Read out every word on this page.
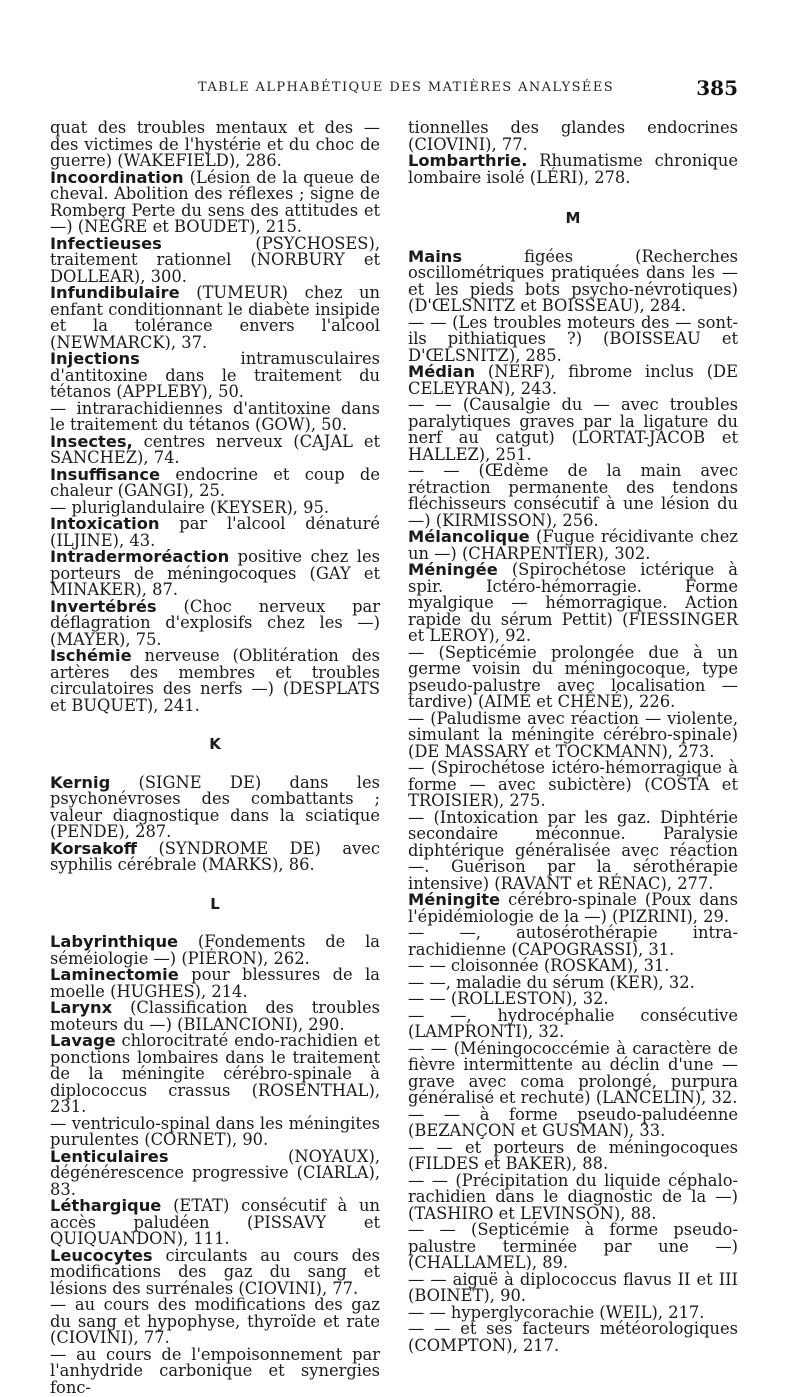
TABLE ALPHABÉTIQUE DES MATIÈRES ANALYSÉES	385

quat des troubles mentaux et des — des victimes de l'hystérie et du choc de guerre) (WAKEFIELD), 286.

Incoordination (Lésion de la queue de cheval. Abolition des réflexes ; signe de Romberg Perte du sens des attitudes et —) (NÈGRE et BOUDET), 215.

Infectieuses	(PSYCHOSES), traitement rationnel (NORBURY et DOLLEAR), 300.

Infundibulaire (TUMEUR) chez un enfant conditionnant le diabète insipide et la tolérance envers l'alcool (NEWMARCK), 37.

Injections	intramusculaires d'antitoxine dans le traitement du tétanos (APPLEBY), 50.

— intrarachidiennes d'antitoxine dans le traitement du tétanos (GOW), 50.

Insectes, centres nerveux (CAJAL et SANCHEZ), 74.

Insuffisance endocrine et coup de chaleur (GANGI), 25.

— pluriglandulaire (KEYSER), 95.

Intoxication par l'alcool dénaturé (ILJINE), 43.

Intradermoréaction positive chez les porteurs de méningocoques (GAY et MINAKER), 87.

Invertébrés (Choc nerveux par déflagration d'explosifs chez les —) (MAYER), 75.

Ischémie nerveuse (Oblitération des artères des membres et troubles circulatoires des nerfs —) (DESPLATS et BUQUET), 241.

K

Kernig (SIGNE DE) dans les psychonévroses des combattants ; valeur diagnostique dans la sciatique (PENDE), 287.

Korsakoff (SYNDROME DE) avec syphilis cérébrale (MARKS), 86.

L

Labyrinthique (Fondements de la séméiologie —) (PIÉRON), 262.

Laminectomie pour blessures de la moelle (HUGHES), 214.

Larynx (Classification des troubles moteurs du —) (BILANCIONI), 290.

Lavage chlorocitraté endo-rachidien et ponctions lombaires dans le traitement de la méningite cérébro-spinale à diplococcus crassus (ROSENTHAL), 231.

— ventriculo-spinal dans les méningites purulentes (CORNET), 90.

Lenticulaires	(NOYAUX), dégénérescence progressive (CIARLA), 83.

Léthargique (ETAT) consécutif à un accès paludéen (PISSAVY et QUIQUANDON), 111.

Leucocytes circulants au cours des modifications des gaz du sang et lésions des surrénales (CIOVINI), 77.

— au cours des modifications des gaz du sang et hypophyse, thyroïde et rate (CIOVINI), 77.

— au cours de l'empoisonnement par l'anhydride carbonique et synergies fonc-

tionnelles des glandes endocrines (CIOVINI), 77.

Lombarthrie. Rhumatisme chronique lombaire isolé (LÉRI), 278.

M

Mains	figées (Recherches oscillométriques pratiquées dans les — et les pieds bots psycho-névrotiques) (D'ŒLSNITZ et BOISSEAU), 284.

— — (Les troubles moteurs des — sont-ils pithiatiques ?) (BOISSEAU et D'ŒLSNITZ), 285.

Médian (NERF), fibrome inclus (DE CELEYRAN), 243.

— — (Causalgie du — avec troubles paralytiques graves par la ligature du nerf au catgut) (LORTAT-JACOB et HALLEZ), 251.

— — (Œdème de la main avec rétraction permanente des tendons fléchisseurs consécutif à une lésion du —) (KIRMISSON), 256.

Mélancolique (Fugue récidivante chez un —) (CHARPENTIER), 302.

Méningée (Spirochétose ictérique à spir. Ictéro-hémorragie. Forme myalgique — hémorragique. Action rapide du sérum Pettit) (FIESSINGER et LEROY), 92.

— (Septicémie prolongée due à un germe voisin du méningocoque, type pseudo-palustre avec localisation — tardive) (AIMÉ et CHÊNÉ), 226.

— (Paludisme avec réaction — violente, simulant la méningite cérébro-spinale) (DE MASSARY et TOCKMANN), 273.

— (Spirochétose ictéro-hémorragique à forme — avec subictère) (COSTA et TROISIER), 275.

— (Intoxication par les gaz. Diphtérie secondaire méconnue. Paralysie diphtérique généralisée avec réaction —. Guérison par la sérothérapie intensive) (RAVANT et RÉNAC), 277.

Méningite cérébro-spinale (Poux dans l'épidémiologie de la —) (PIZRINI), 29.

— —, autosérothérapie intra-rachidienne (CAPOGRASSI), 31.

— — cloisonnée (ROSKAM), 31.

— —, maladie du sérum (KER), 32.

— — (ROLLESTON), 32.

— —, hydrocéphalie consécutive (LAMPRONTI), 32.

— — (Méningococcémie à caractère de fièvre intermittente au déclin d'une — grave avec coma prolongé, purpura généralisé et rechute) (LANCELIN), 32.

— — à forme pseudo-paludéenne (BEZANÇON et GUSMAN), 33.

— — et porteurs de méningocoques (FILDES et BAKER), 88.

— — (Précipitation du liquide céphalo-rachidien dans le diagnostic de la —) (TASHIRO et LEVINSON), 88.

— — (Septicémie à forme pseudo-palustre terminée par une —) (CHALLAMEL), 89.

— — aiguë à diplococcus flavus II et III (BOINET), 90.

— — hyperglycorachie (WEIL), 217.

— — et ses facteurs météorologiques (COMPTON), 217.
